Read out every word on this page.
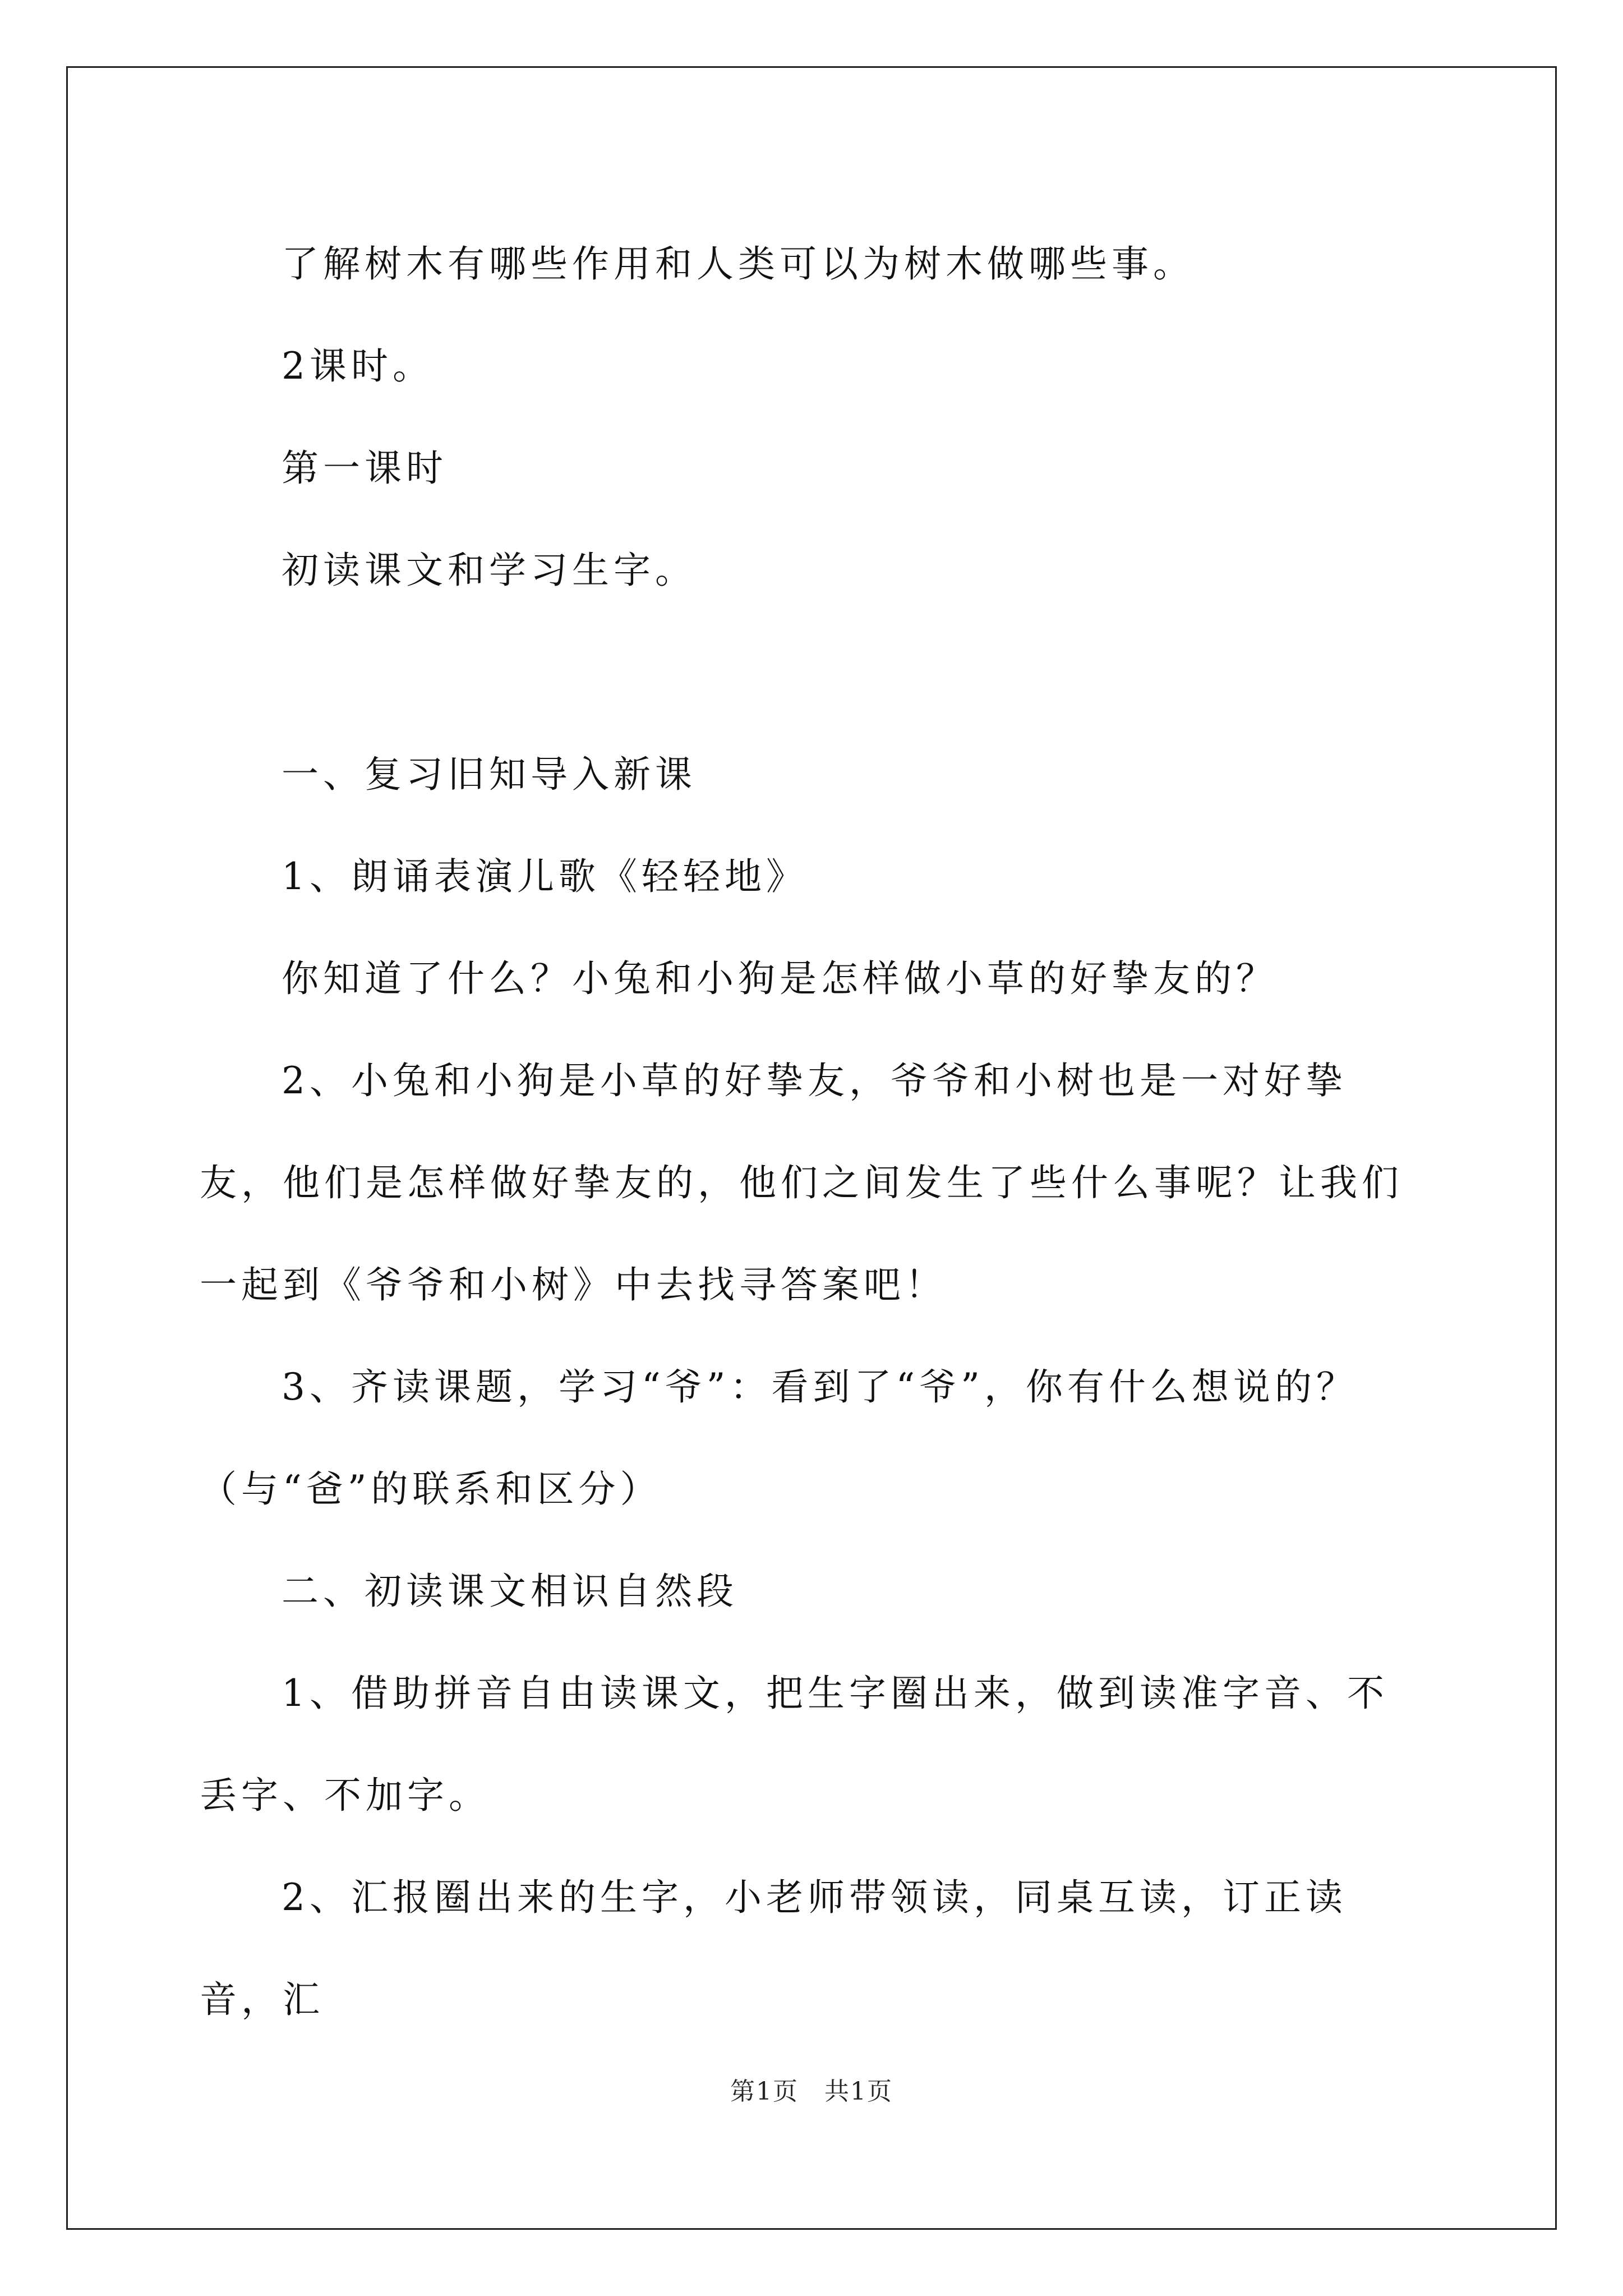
了解树木有哪些作用和人类可以为树木做哪些事。

2课时。

第一课时

初读课文和学习生字。

一、复习旧知导入新课

1、朗诵表演儿歌《轻轻地》

你知道了什么？小兔和小狗是怎样做小草的好挚友的？

2、小兔和小狗是小草的好挚友，爷爷和小树也是一对好挚友，他们是怎样做好挚友的，他们之间发生了些什么事呢？让我们一起到《爷爷和小树》中去找寻答案吧！

3、齐读课题，学习“爷”：看到了“爷”，你有什么想说的？（与“爸”的联系和区分）

二、初读课文相识自然段

1、借助拼音自由读课文，把生字圈出来，做到读准字音、不丢字、不加字。

2、汇报圈出来的生字，小老师带领读，同桌互读，订正读音，汇

第1页　共1页
